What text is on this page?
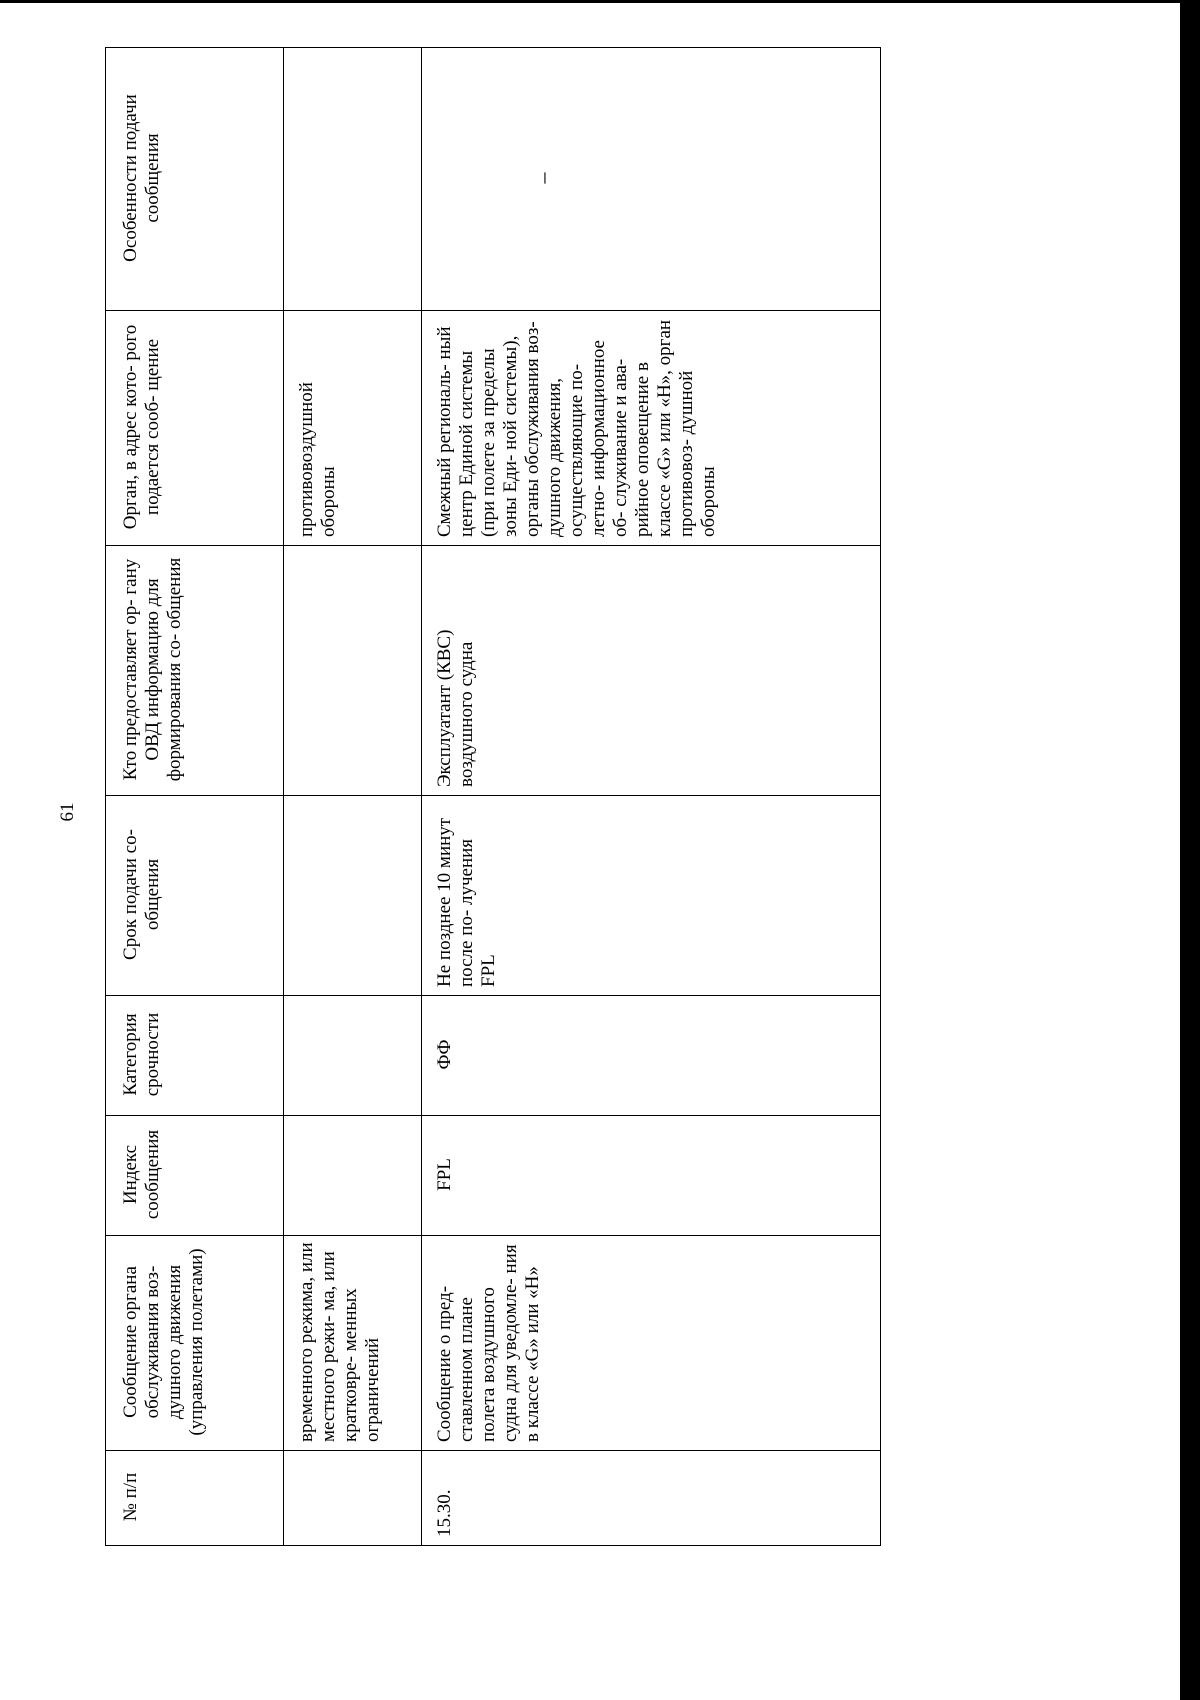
61
№ п/п	Сообщение органа обслуживания воз- душного движения (управления полетами)	Индекс сообщения	Категория срочности	Срок подачи со- общения	Кто предоставляет ор- гану ОВД информацию для формирования со- общения	Орган, в адрес кото- рого подается сооб- щение	Особенности подачи сообщения
	временного режима, или местного режи- ма, или кратковре- менных ограничений					противовоздушной обороны	
15.30.	Сообщение о пред- ставленном плане полета воздушного судна для уведомле- ния в классе «G» или «H»	FPL	ФФ	Не позднее 10 минут после по- лучения FPL	Эксплуатант (КВС) воздушного судна	Смежный региональ- ный центр Единой системы (при полете за пределы зоны Еди- ной системы), органы обслуживания воз- душного движения, осуществляющие по- летно- информационное об- служивание и ава- рийное оповещение в классе «G» или «H», орган противовоз- душной обороны	–
